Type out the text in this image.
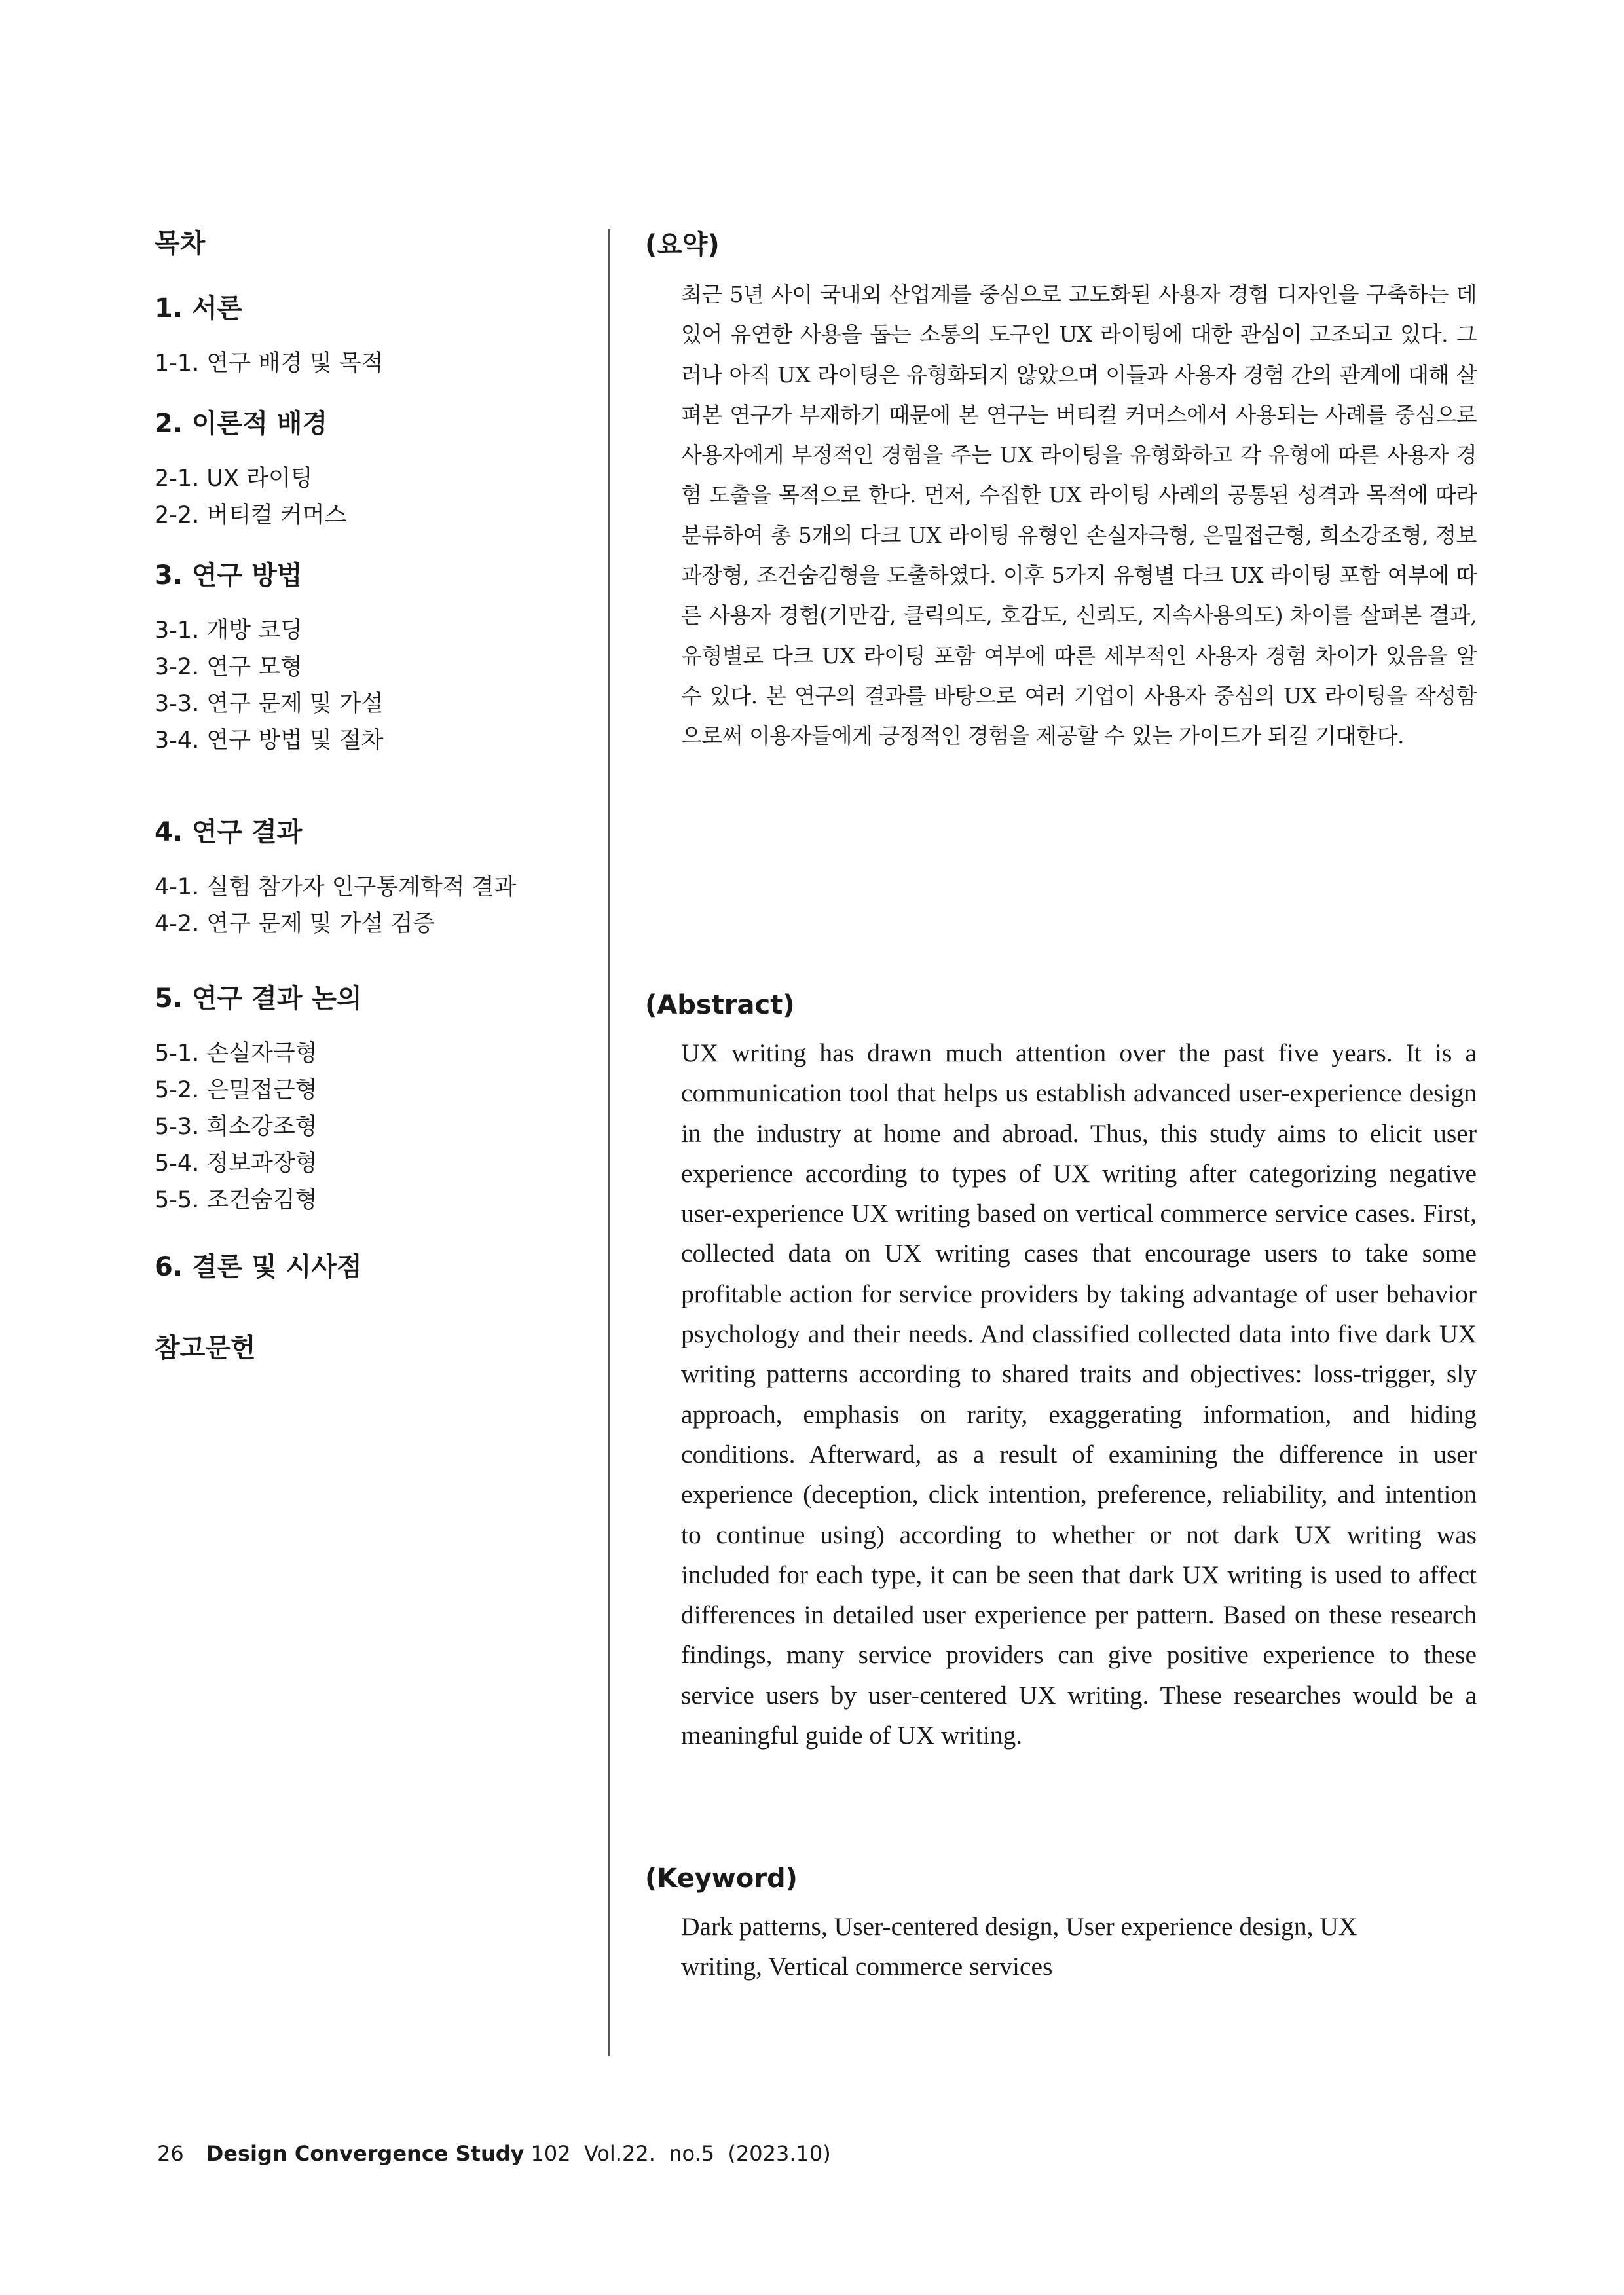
목차
1. 서론
1-1. 연구 배경 및 목적
2. 이론적 배경
2-1. UX 라이팅
2-2. 버티컬 커머스
3. 연구 방법
3-1. 개방 코딩
3-2. 연구 모형
3-3. 연구 문제 및 가설
3-4. 연구 방법 및 절차
4. 연구 결과
4-1. 실험 참가자 인구통계학적 결과
4-2. 연구 문제 및 가설 검증
5. 연구 결과 논의
5-1. 손실자극형
5-2. 은밀접근형
5-3. 희소강조형
5-4. 정보과장형
5-5. 조건숨김형
6. 결론 및 시사점
참고문헌
(요약)
최근 5년 사이 국내외 산업계를 중심으로 고도화된 사용자 경험 디자인을 구축하는 데 있어 유연한 사용을 돕는 소통의 도구인 UX 라이팅에 대한 관심이 고조되고 있다. 그러나 아직 UX 라이팅은 유형화되지 않았으며 이들과 사용자 경험 간의 관계에 대해 살펴본 연구가 부재하기 때문에 본 연구는 버티컬 커머스에서 사용되는 사례를 중심으로 사용자에게 부정적인 경험을 주는 UX 라이팅을 유형화하고 각 유형에 따른 사용자 경험 도출을 목적으로 한다. 먼저, 수집한 UX 라이팅 사례의 공통된 성격과 목적에 따라 분류하여 총 5개의 다크 UX 라이팅 유형인 손실자극형, 은밀접근형, 희소강조형, 정보과장형, 조건숨김형을 도출하였다. 이후 5가지 유형별 다크 UX 라이팅 포함 여부에 따른 사용자 경험(기만감, 클릭의도, 호감도, 신뢰도, 지속사용의도) 차이를 살펴본 결과, 유형별로 다크 UX 라이팅 포함 여부에 따른 세부적인 사용자 경험 차이가 있음을 알 수 있다. 본 연구의 결과를 바탕으로 여러 기업이 사용자 중심의 UX 라이팅을 작성함으로써 이용자들에게 긍정적인 경험을 제공할 수 있는 가이드가 되길 기대한다.
(Abstract)
UX writing has drawn much attention over the past five years. It is a communication tool that helps us establish advanced user-experience design in the industry at home and abroad. Thus, this study aims to elicit user experience according to types of UX writing after categorizing negative user-experience UX writing based on vertical commerce service cases. First, collected data on UX writing cases that encourage users to take some profitable action for service providers by taking advantage of user behavior psychology and their needs. And classified collected data into five dark UX writing patterns according to shared traits and objectives: loss-trigger, sly approach, emphasis on rarity, exaggerating information, and hiding conditions. Afterward, as a result of examining the difference in user experience (deception, click intention, preference, reliability, and intention to continue using) according to whether or not dark UX writing was included for each type, it can be seen that dark UX writing is used to affect differences in detailed user experience per pattern. Based on these research findings, many service providers can give positive experience to these service users by user-centered UX writing. These researches would be a meaningful guide of UX writing.
(Keyword)
Dark patterns, User-centered design, User experience design, UX
writing, Vertical commerce services
26 Design Convergence Study 102  Vol.22.  no.5  (2023.10)
